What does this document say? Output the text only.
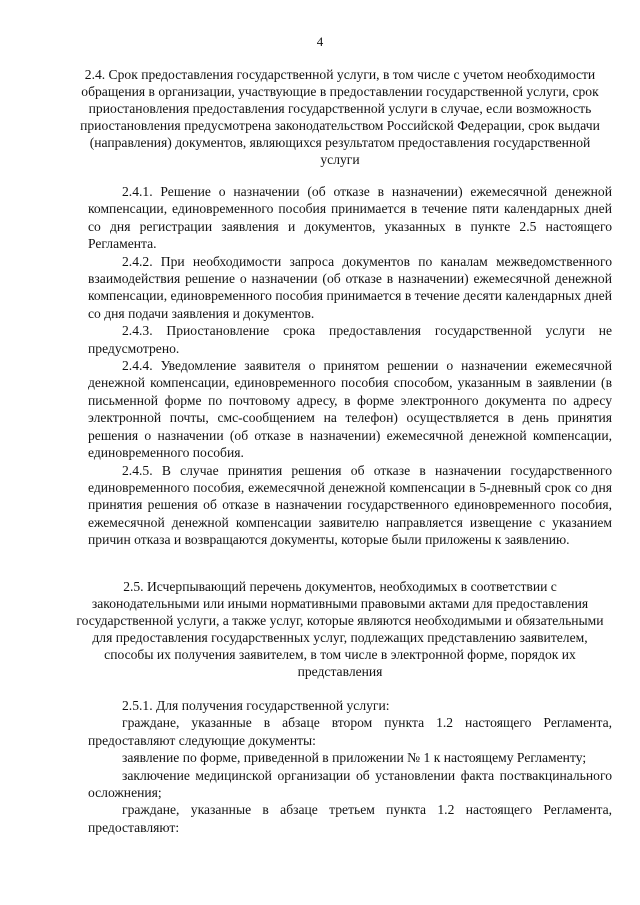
4
2.4. Срок предоставления государственной услуги, в том числе с учетом необходимости обращения в организации, участвующие в предоставлении государственной услуги, срок приостановления предоставления государственной услуги в случае, если возможность приостановления предусмотрена законодательством Российской Федерации, срок выдачи (направления) документов, являющихся результатом предоставления государственной услуги

2.4.1. Решение о назначении (об отказе в назначении) ежемесячной денежной компенсации, единовременного пособия принимается в течение пяти календарных дней со дня регистрации заявления и документов, указанных в пункте 2.5 настоящего Регламента.

2.4.2. При необходимости запроса документов по каналам межведомственного взаимодействия решение о назначении (об отказе в назначении) ежемесячной денежной компенсации, единовременного пособия принимается в течение десяти календарных дней со дня подачи заявления и документов.

2.4.3. Приостановление срока предоставления государственной услуги не предусмотрено.

2.4.4. Уведомление заявителя о принятом решении о назначении ежемесячной денежной компенсации, единовременного пособия способом, указанным в заявлении (в письменной форме по почтовому адресу, в форме электронного документа по адресу электронной почты, смс-сообщением на телефон) осуществляется в день принятия решения о назначении (об отказе в назначении) ежемесячной денежной компенсации, единовременного пособия.

2.4.5. В случае принятия решения об отказе в назначении государственного единовременного пособия, ежемесячной денежной компенсации в 5-дневный срок со дня принятия решения об отказе в назначении государственного единовременного пособия, ежемесячной денежной компенсации заявителю направляется извещение с указанием причин отказа и возвращаются документы, которые были приложены к заявлению.

2.5. Исчерпывающий перечень документов, необходимых в соответствии с законодательными или иными нормативными правовыми актами для предоставления государственной услуги, а также услуг, которые являются необходимыми и обязательными для предоставления государственных услуг, подлежащих представлению заявителем, способы их получения заявителем, в том числе в электронной форме, порядок их представления

2.5.1. Для получения государственной услуги:

граждане, указанные в абзаце втором пункта 1.2 настоящего Регламента, предоставляют следующие документы:

заявление по форме, приведенной в приложении № 1 к настоящему Регламенту;

заключение медицинской организации об установлении факта поствакцинального осложнения;

граждане, указанные в абзаце третьем пункта 1.2 настоящего Регламента, предоставляют:
